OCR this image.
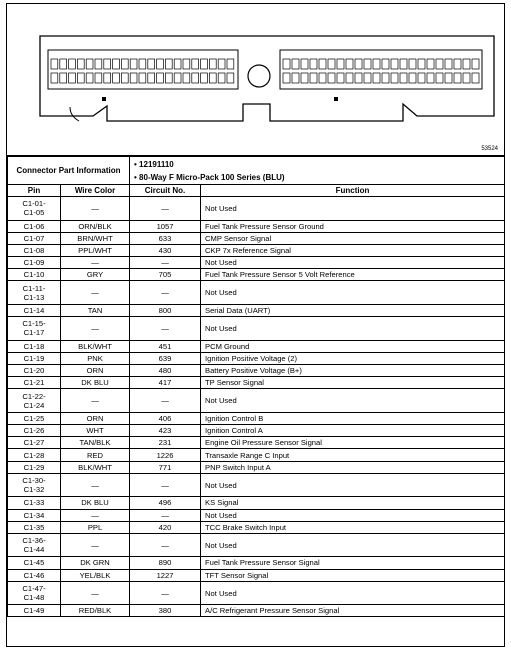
53524
Connector Part Information		• 12191110
• 80-Way F Micro-Pack 100 Series (BLU)	

Pin	Wire Color	Circuit No.	Function
C1-01-
C1-05	—	—	Not Used
C1-06	ORN/BLK	1057	Fuel Tank Pressure Sensor Ground
C1-07	BRN/WHT	633	CMP Sensor Signal
C1-08	PPL/WHT	430	CKP 7x Reference Signal
C1-09	—	—	Not Used
C1-10	GRY	705	Fuel Tank Pressure Sensor 5 Volt Reference
C1-11-
C1-13	—	—	Not Used
C1-14	TAN	800	Serial Data (UART)
C1-15-
C1-17	—	—	Not Used
C1-18	BLK/WHT	451	PCM Ground
C1-19	PNK	639	Ignition Positive Voltage (2)
C1-20	ORN	480	Battery Positive Voltage (B+)
C1-21	DK BLU	417	TP Sensor Signal
C1-22-
C1-24	—	—	Not Used
C1-25	ORN	406	Ignition Control B
C1-26	WHT	423	Ignition Control A
C1-27	TAN/BLK	231	Engine Oil Pressure Sensor Signal
C1-28	RED	1226	Transaxle Range C Input
C1-29	BLK/WHT	771	PNP Switch Input A
C1-30-
C1-32	—	—	Not Used
C1-33	DK BLU	496	KS Signal
C1-34	—	—	Not Used
C1-35	PPL	420	TCC Brake Switch Input
C1-36-
C1-44	—	—	Not Used
C1-45	DK GRN	890	Fuel Tank Pressure Sensor Signal
C1-46	YEL/BLK	1227	TFT Sensor Signal
C1-47-
C1-48	—	—	Not Used
C1-49	RED/BLK	380	A/C Refrigerant Pressure Sensor Signal
